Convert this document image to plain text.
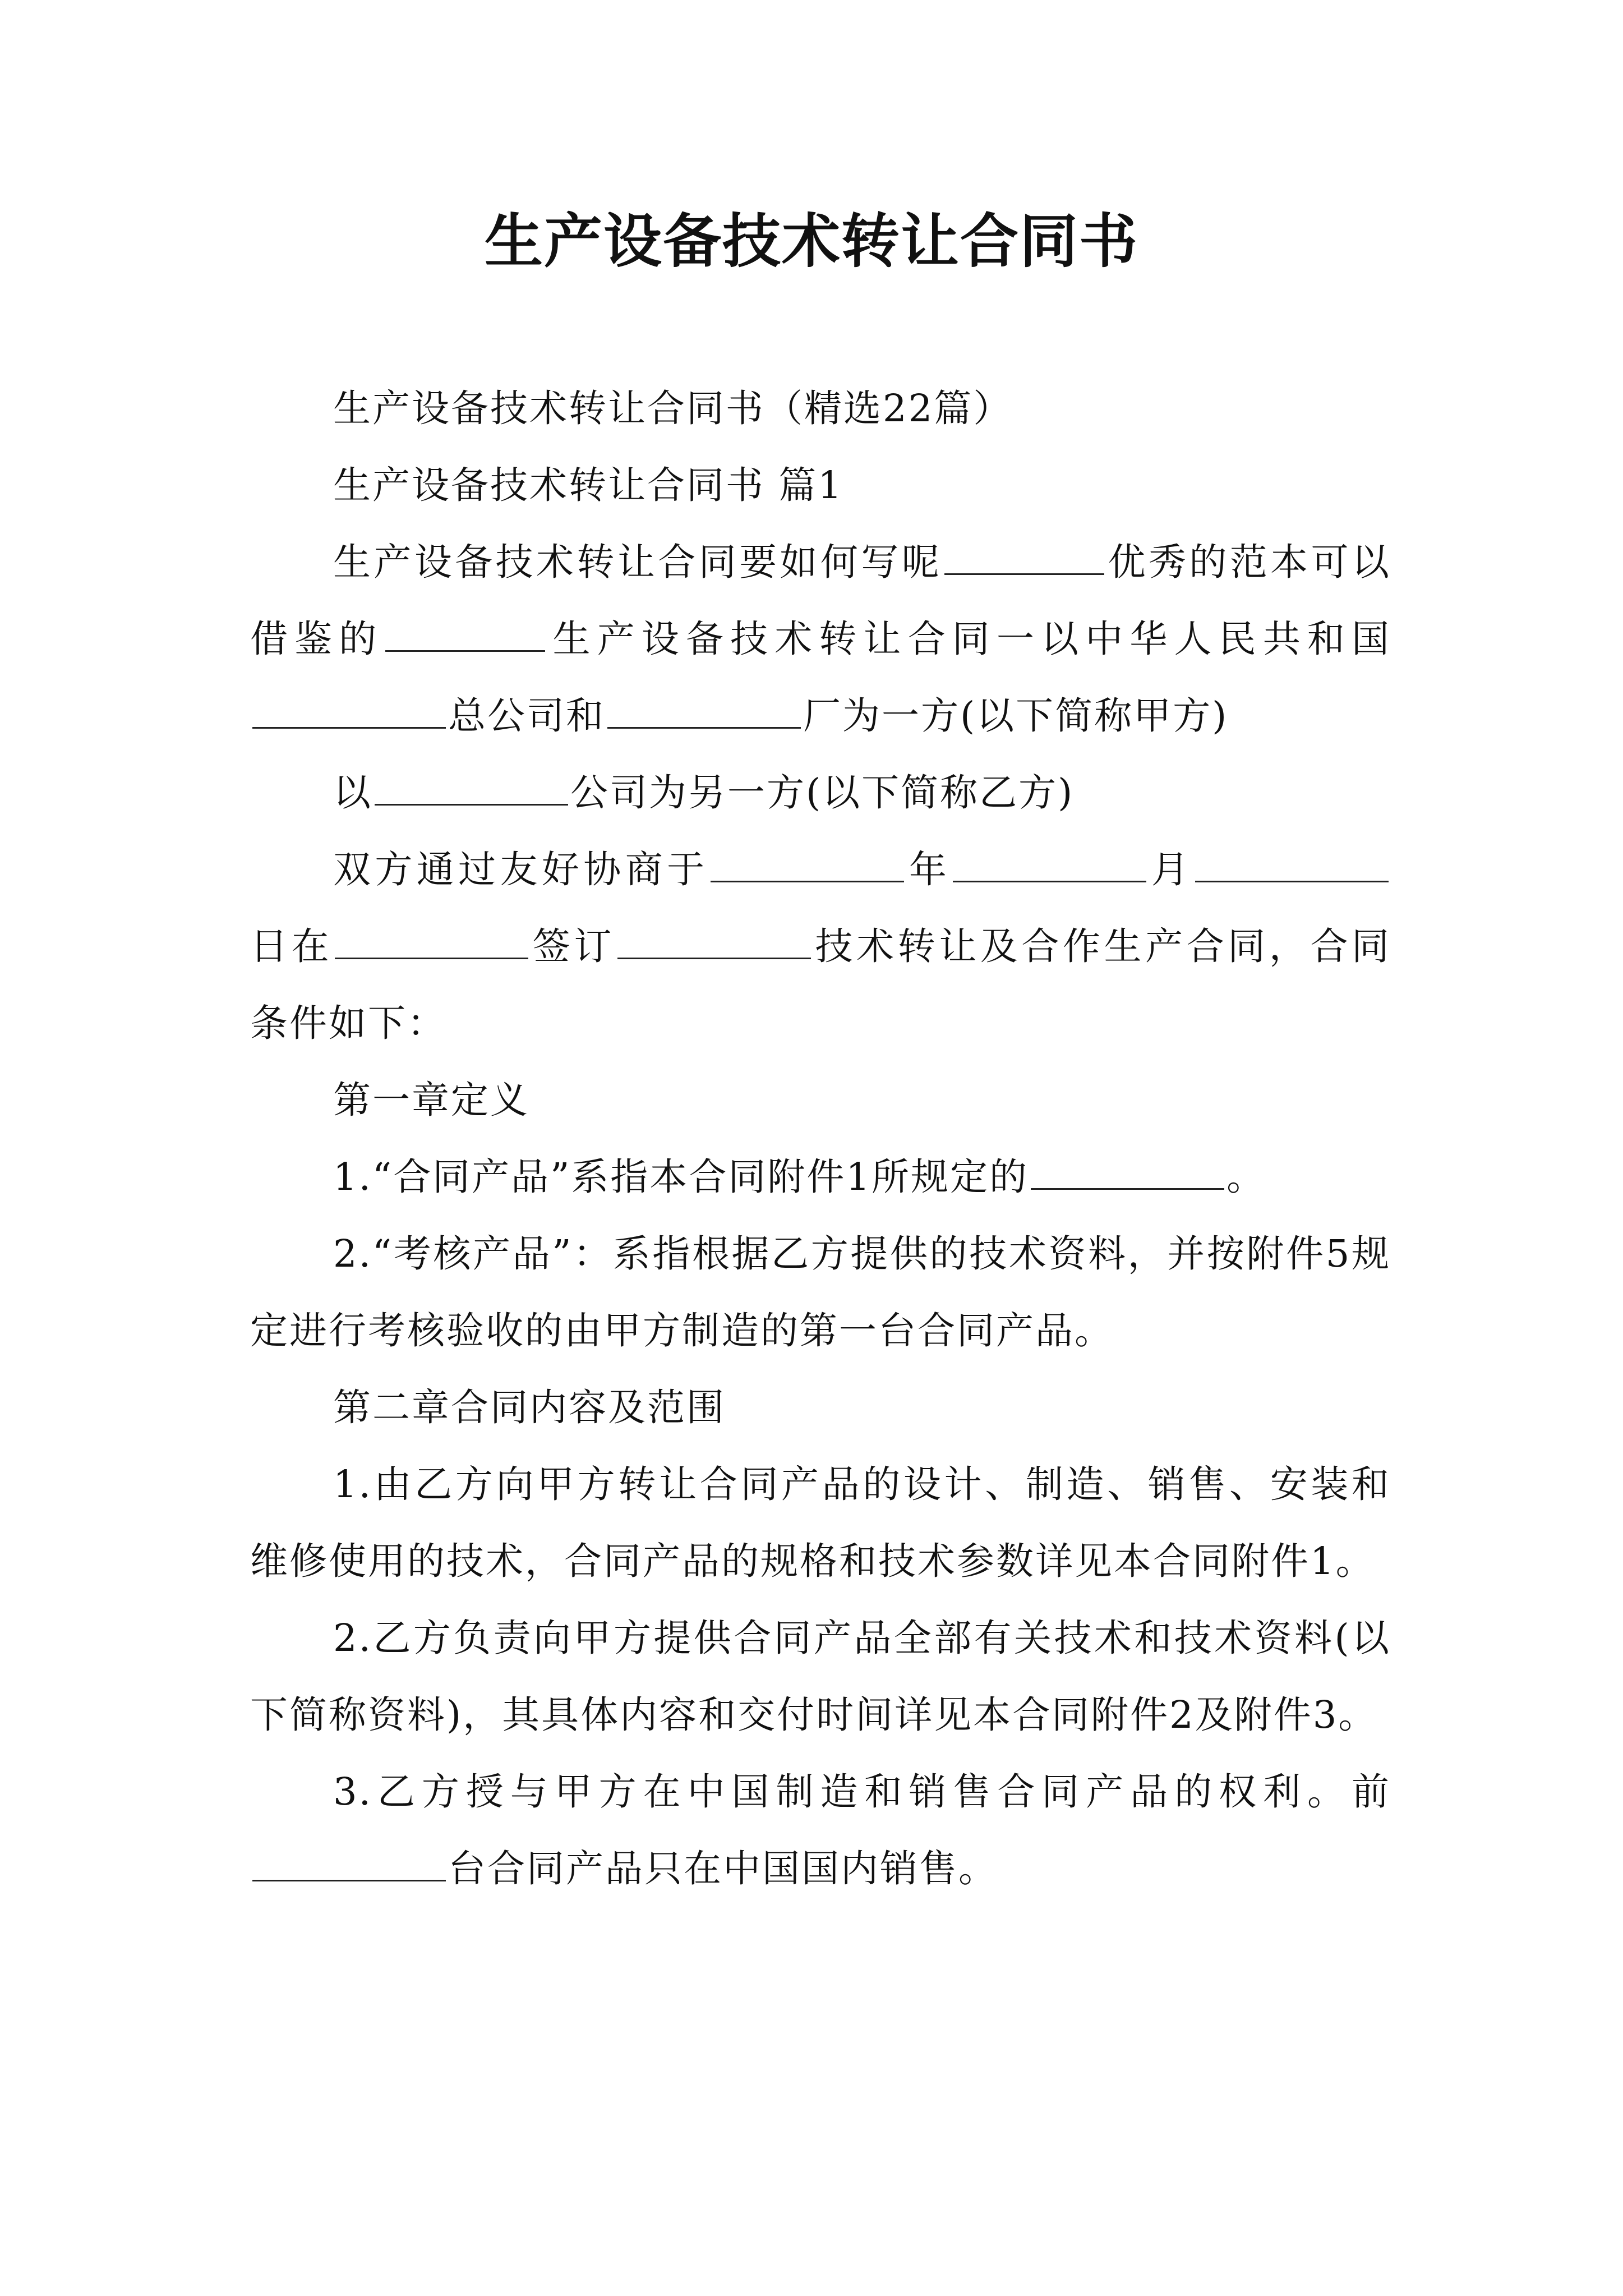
生产设备技术转让合同书

生产设备技术转让合同书（精选22篇）

生产设备技术转让合同书 篇1

生产设备技术转让合同要如何写呢	优秀的范本可以借鉴的	生产设备技术转让合同一以中华人民共和国总公司和	厂为一方(以下简称甲方)

以	公司为另一方(以下简称乙方)

双方通过友好协商于	年	月日在	签订	技术转让及合作生产合同，合同条件如下：

第一章定义

1.“合同产品”系指本合同附件1所规定的	。

2.“考核产品”：系指根据乙方提供的技术资料，并按附件5规定进行考核验收的由甲方制造的第一台合同产品。

第二章合同内容及范围

1.由乙方向甲方转让合同产品的设计、制造、销售、安装和维修使用的技术，合同产品的规格和技术参数详见本合同附件1。

2.乙方负责向甲方提供合同产品全部有关技术和技术资料(以下简称资料)，其具体内容和交付时间详见本合同附件2及附件3。

3.乙方授与甲方在中国制造和销售合同产品的权利。前台合同产品只在中国国内销售。
